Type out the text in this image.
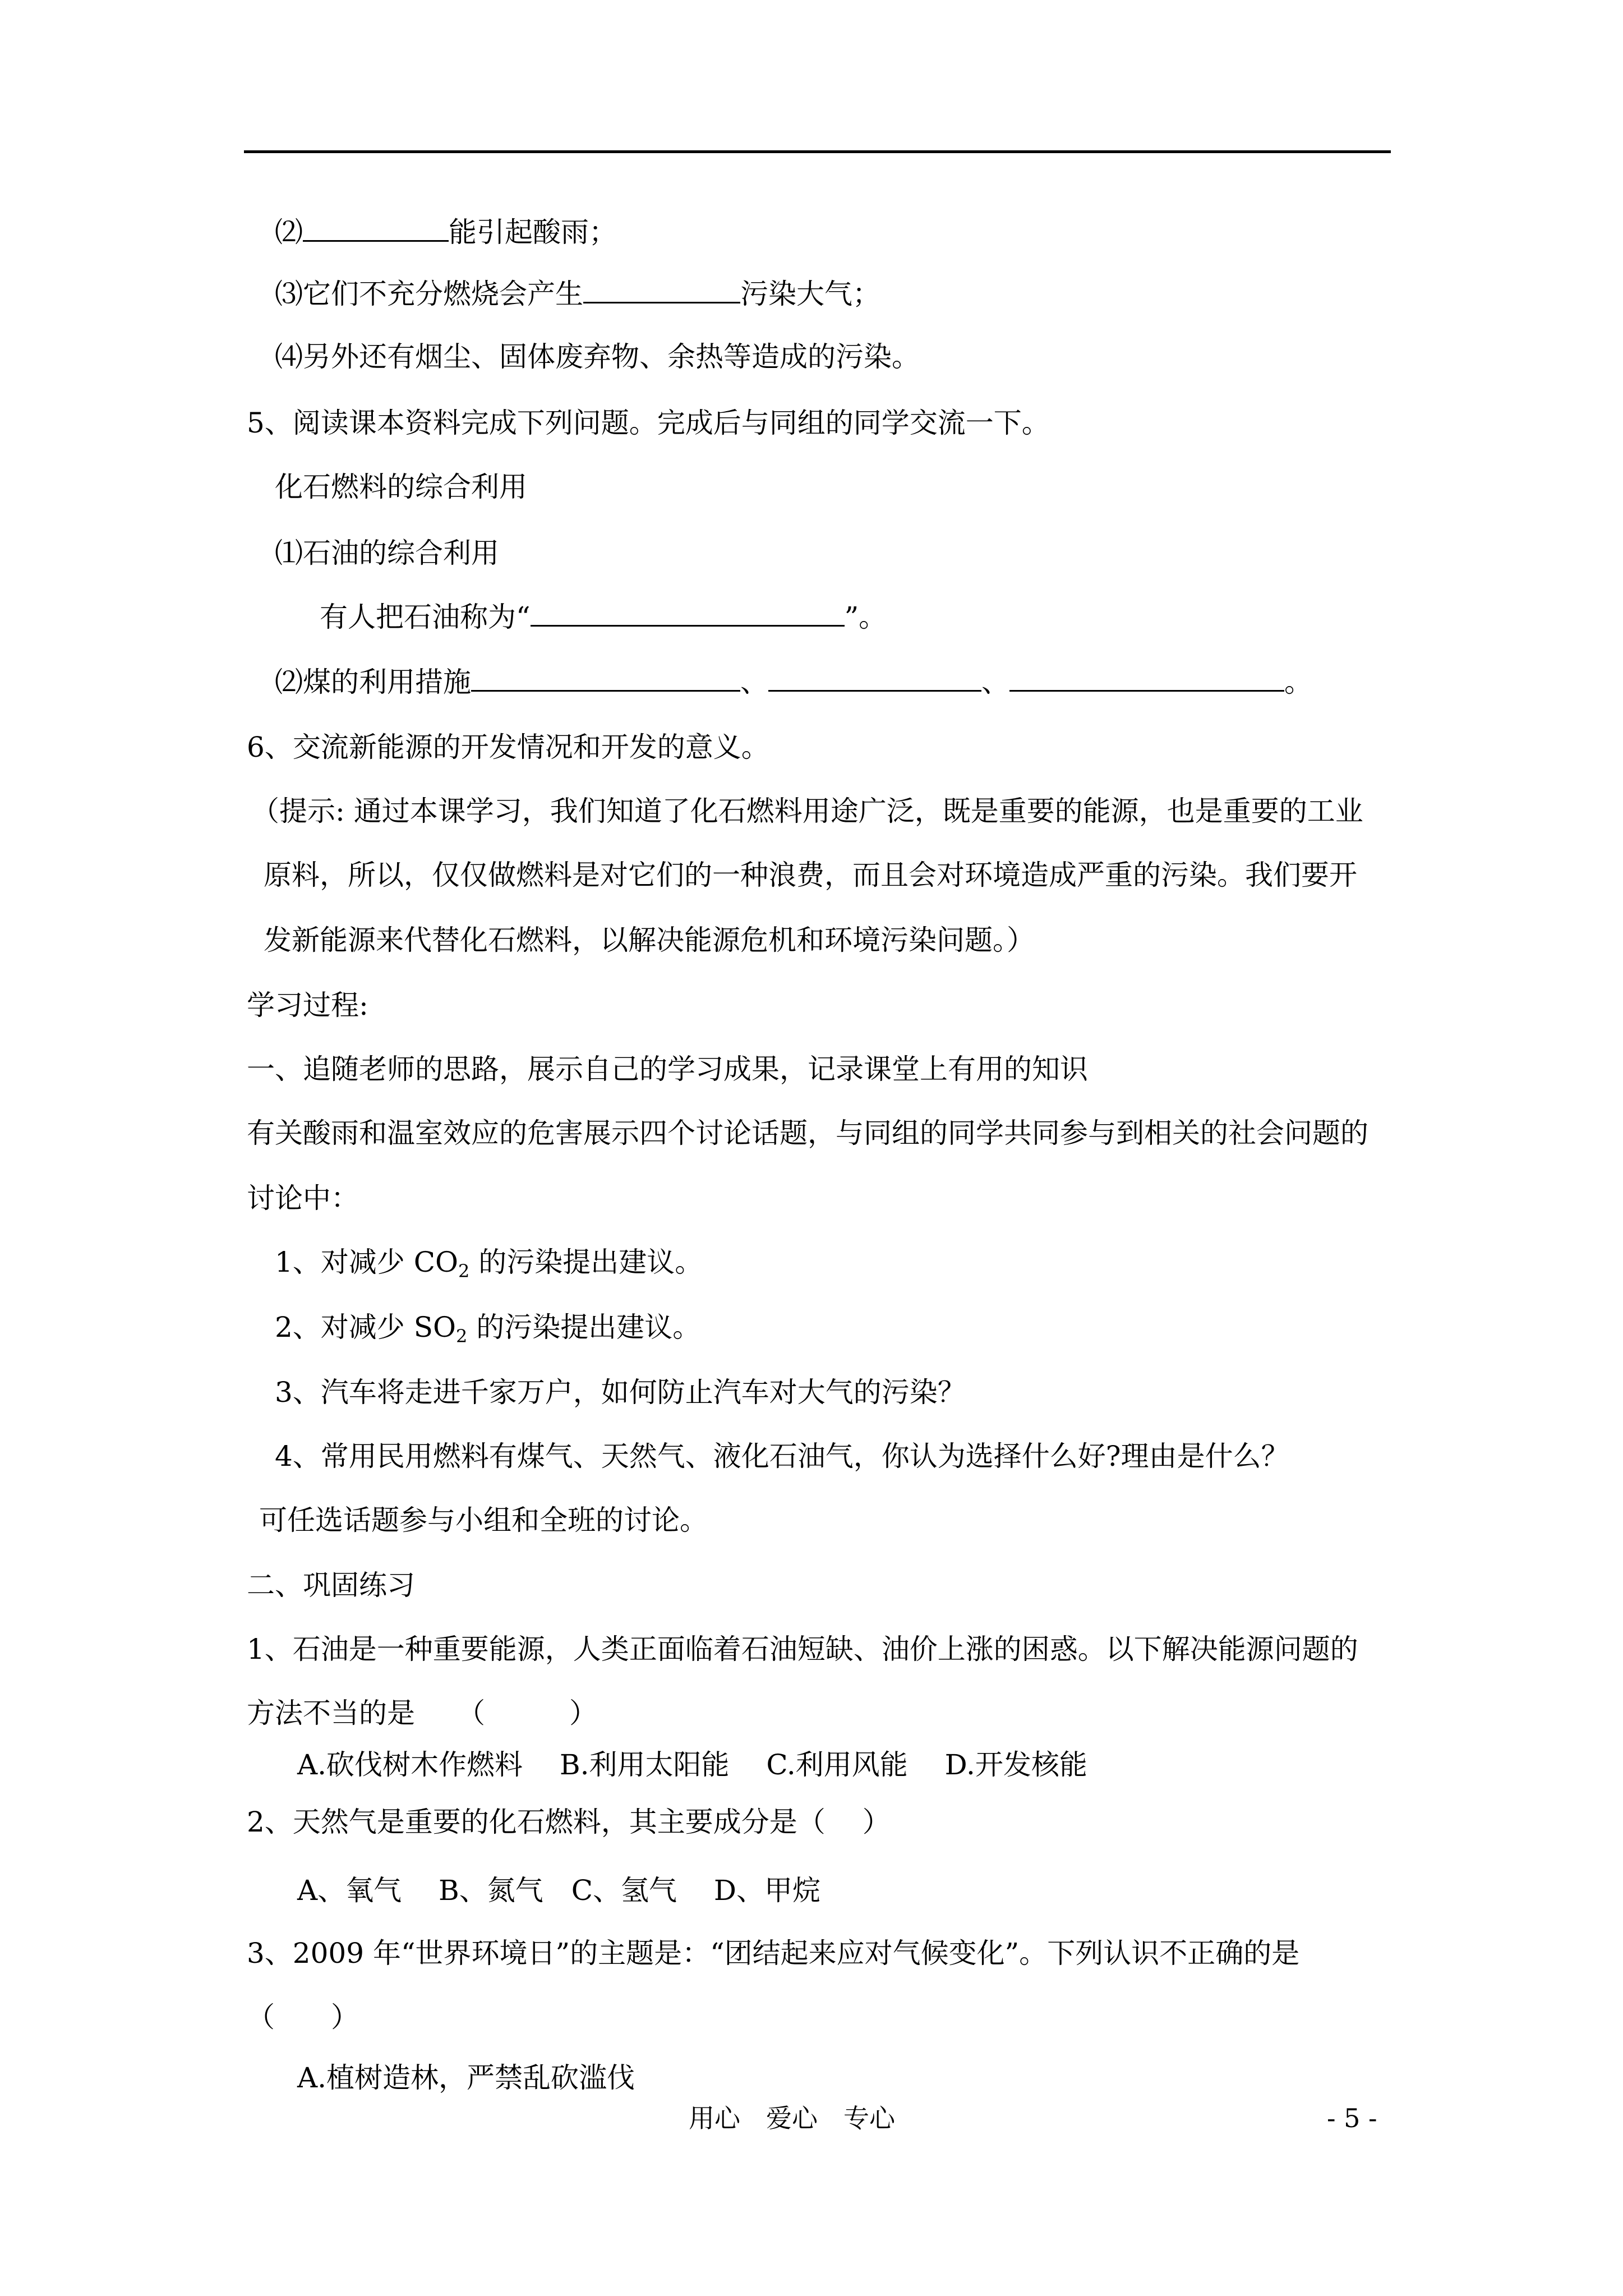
⑵	能引起酸雨；
⑶它们不充分燃烧会产生	污染大气；
⑷另外还有烟尘、固体废弃物、余热等造成的污染。
5、阅读课本资料完成下列问题。完成后与同组的同学交流一下。
化石燃料的综合利用
⑴石油的综合利用
有人把石油称为“	”。
⑵煤的利用措施	、	、	。
6、交流新能源的开发情况和开发的意义。
（提示: 通过本课学习，我们知道了化石燃料用途广泛，既是重要的能源，也是重要的工业
原料，所以，仅仅做燃料是对它们的一种浪费，而且会对环境造成严重的污染。我们要开
发新能源来代替化石燃料，以解决能源危机和环境污染问题。）
学习过程:
一、追随老师的思路，展示自己的学习成果，记录课堂上有用的知识
有关酸雨和温室效应的危害展示四个讨论话题，与同组的同学共同参与到相关的社会问题的
讨论中：
1、对减少 $CO_2$ 的污染提出建议。
2、对减少 $SO_2$ 的污染提出建议。
3、汽车将走进千家万户，如何防止汽车对大气的污染？
4、常用民用燃料有煤气、天然气、液化石油气，你认为选择什么好?理由是什么？
可任选话题参与小组和全班的讨论。
二、巩固练习
1、石油是一种重要能源，人类正面临着石油短缺、油价上涨的困惑。以下解决能源问题的
方法不当的是　　（　　　）
A.砍伐树木作燃料　 B.利用太阳能　 C.利用风能　 D.开发核能
2、天然气是重要的化石燃料，其主要成分是（　 ）
A、氧气　 B、氮气　C、氢气　 D、甲烷
3、2009 年“世界环境日”的主题是：“团结起来应对气候变化”。下列认识不正确的是
（　　）
A.植树造林，严禁乱砍滥伐
用心　爱心　专心	- 5 -
